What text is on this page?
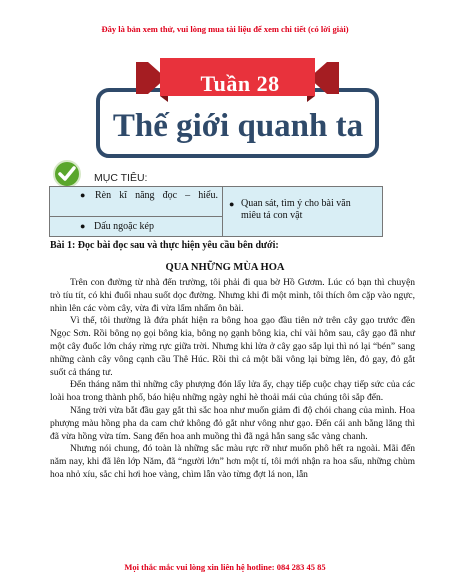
Đây là bản xem thử, vui lòng mua tài liệu để xem chi tiết (có lời giải)
Tuần 28
Thế giới quanh ta
MỤC TIÊU:
● Rèn kĩ năng đọc – hiểu.
● Dấu ngoặc kép
● Quan sát, tìm ý cho bài văn miêu tả con vật
Bài 1: Đọc bài đọc sau và thực hiện yêu cầu bên dưới:
QUA NHỮNG MÙA HOA

Trên con đường từ nhà đến trường, tôi phải đi qua bờ Hồ Gươm. Lúc có bạn thì chuyện trò tíu tít, có khi đuổi nhau suốt dọc đường. Nhưng khi đi một mình, tôi thích ôm cặp vào ngực, nhìn lên các vòm cây, vừa đi vừa lẩm nhẩm ôn bài.

Vì thế, tôi thường là đứa phát hiện ra bông hoa gạo đầu tiên nở trên cây gạo trước đền Ngọc Sơn. Rồi bông nọ gọi bông kia, bông nọ gạnh bông kia, chỉ vài hôm sau, cây gạo đã như một cây đuốc lớn cháy rừng rực giữa trời. Nhưng khi lửa ở cây gạo sắp lụi thì nó lại “bén” sang những cành cây vông cạnh cầu Thê Húc. Rồi thì cả một bãi vông lại bừng lên, đỏ gay, đỏ gắt suốt cả tháng tư.

Đến tháng năm thì những cây phượng đón lấy lửa ấy, chạy tiếp cuộc chạy tiếp sức của các loài hoa trong thành phố, báo hiệu những ngày nghỉ hè thoải mái của chúng tôi sắp đến.

Nắng trời vừa bắt đầu gay gắt thì sắc hoa như muốn giảm đi độ chói chang của mình. Hoa phượng màu hồng pha da cam chứ không đỏ gắt như vông như gạo. Đến cái anh bằng lăng thì đã vừa hồng vừa tím. Sang đến hoa anh muồng thì đã ngả hẳn sang sắc vàng chanh.

Nhưng nói chung, đó toàn là những sắc màu rực rỡ như muốn phô hết ra ngoài. Mãi đến năm nay, khi đã lên lớp Năm, đã “người lớn” hơn một tí, tôi mới nhận ra hoa sấu, những chùm hoa nhỏ xíu, sắc chỉ hơi hoe vàng, chìm lẫn vào từng đợt lá non, lẫn

Mọi thắc mắc vui lòng xin liên hệ hotline: 084 283 45 85
